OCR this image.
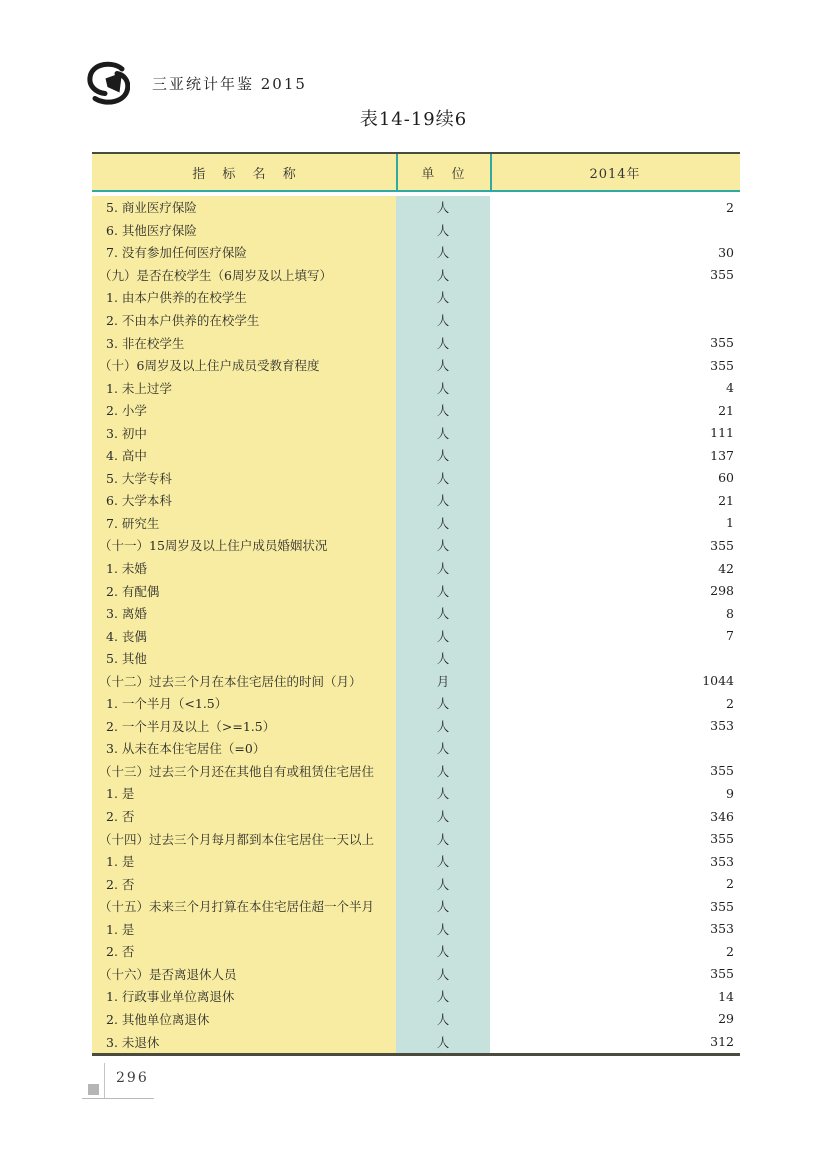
三亚统计年鉴 2015
表14-19续6
指 标 名 称	单 位	2014年
5. 商业医疗保险	人	2
6. 其他医疗保险	人
7. 没有参加任何医疗保险	人	30
（九）是否在校学生（6周岁及以上填写）	人	355
1. 由本户供养的在校学生	人
2. 不由本户供养的在校学生	人
3. 非在校学生	人	355
（十）6周岁及以上住户成员受教育程度	人	355
1. 未上过学	人	4
2. 小学	人	21
3. 初中	人	111
4. 高中	人	137
5. 大学专科	人	60
6. 大学本科	人	21
7. 研究生	人	1
（十一）15周岁及以上住户成员婚姻状况	人	355
1. 未婚	人	42
2. 有配偶	人	298
3. 离婚	人	8
4. 丧偶	人	7
5. 其他	人
（十二）过去三个月在本住宅居住的时间（月）	月	1044
1. 一个半月（<1.5）	人	2
2. 一个半月及以上（>=1.5）	人	353
3. 从未在本住宅居住（=0）	人
（十三）过去三个月还在其他自有或租赁住宅居住	人	355
1. 是	人	9
2. 否	人	346
（十四）过去三个月每月都到本住宅居住一天以上	人	355
1. 是	人	353
2. 否	人	2
（十五）未来三个月打算在本住宅居住超一个半月	人	355
1. 是	人	353
2. 否	人	2
（十六）是否离退休人员	人	355
1. 行政事业单位离退休	人	14
2. 其他单位离退休	人	29
3. 未退休	人	312
296
